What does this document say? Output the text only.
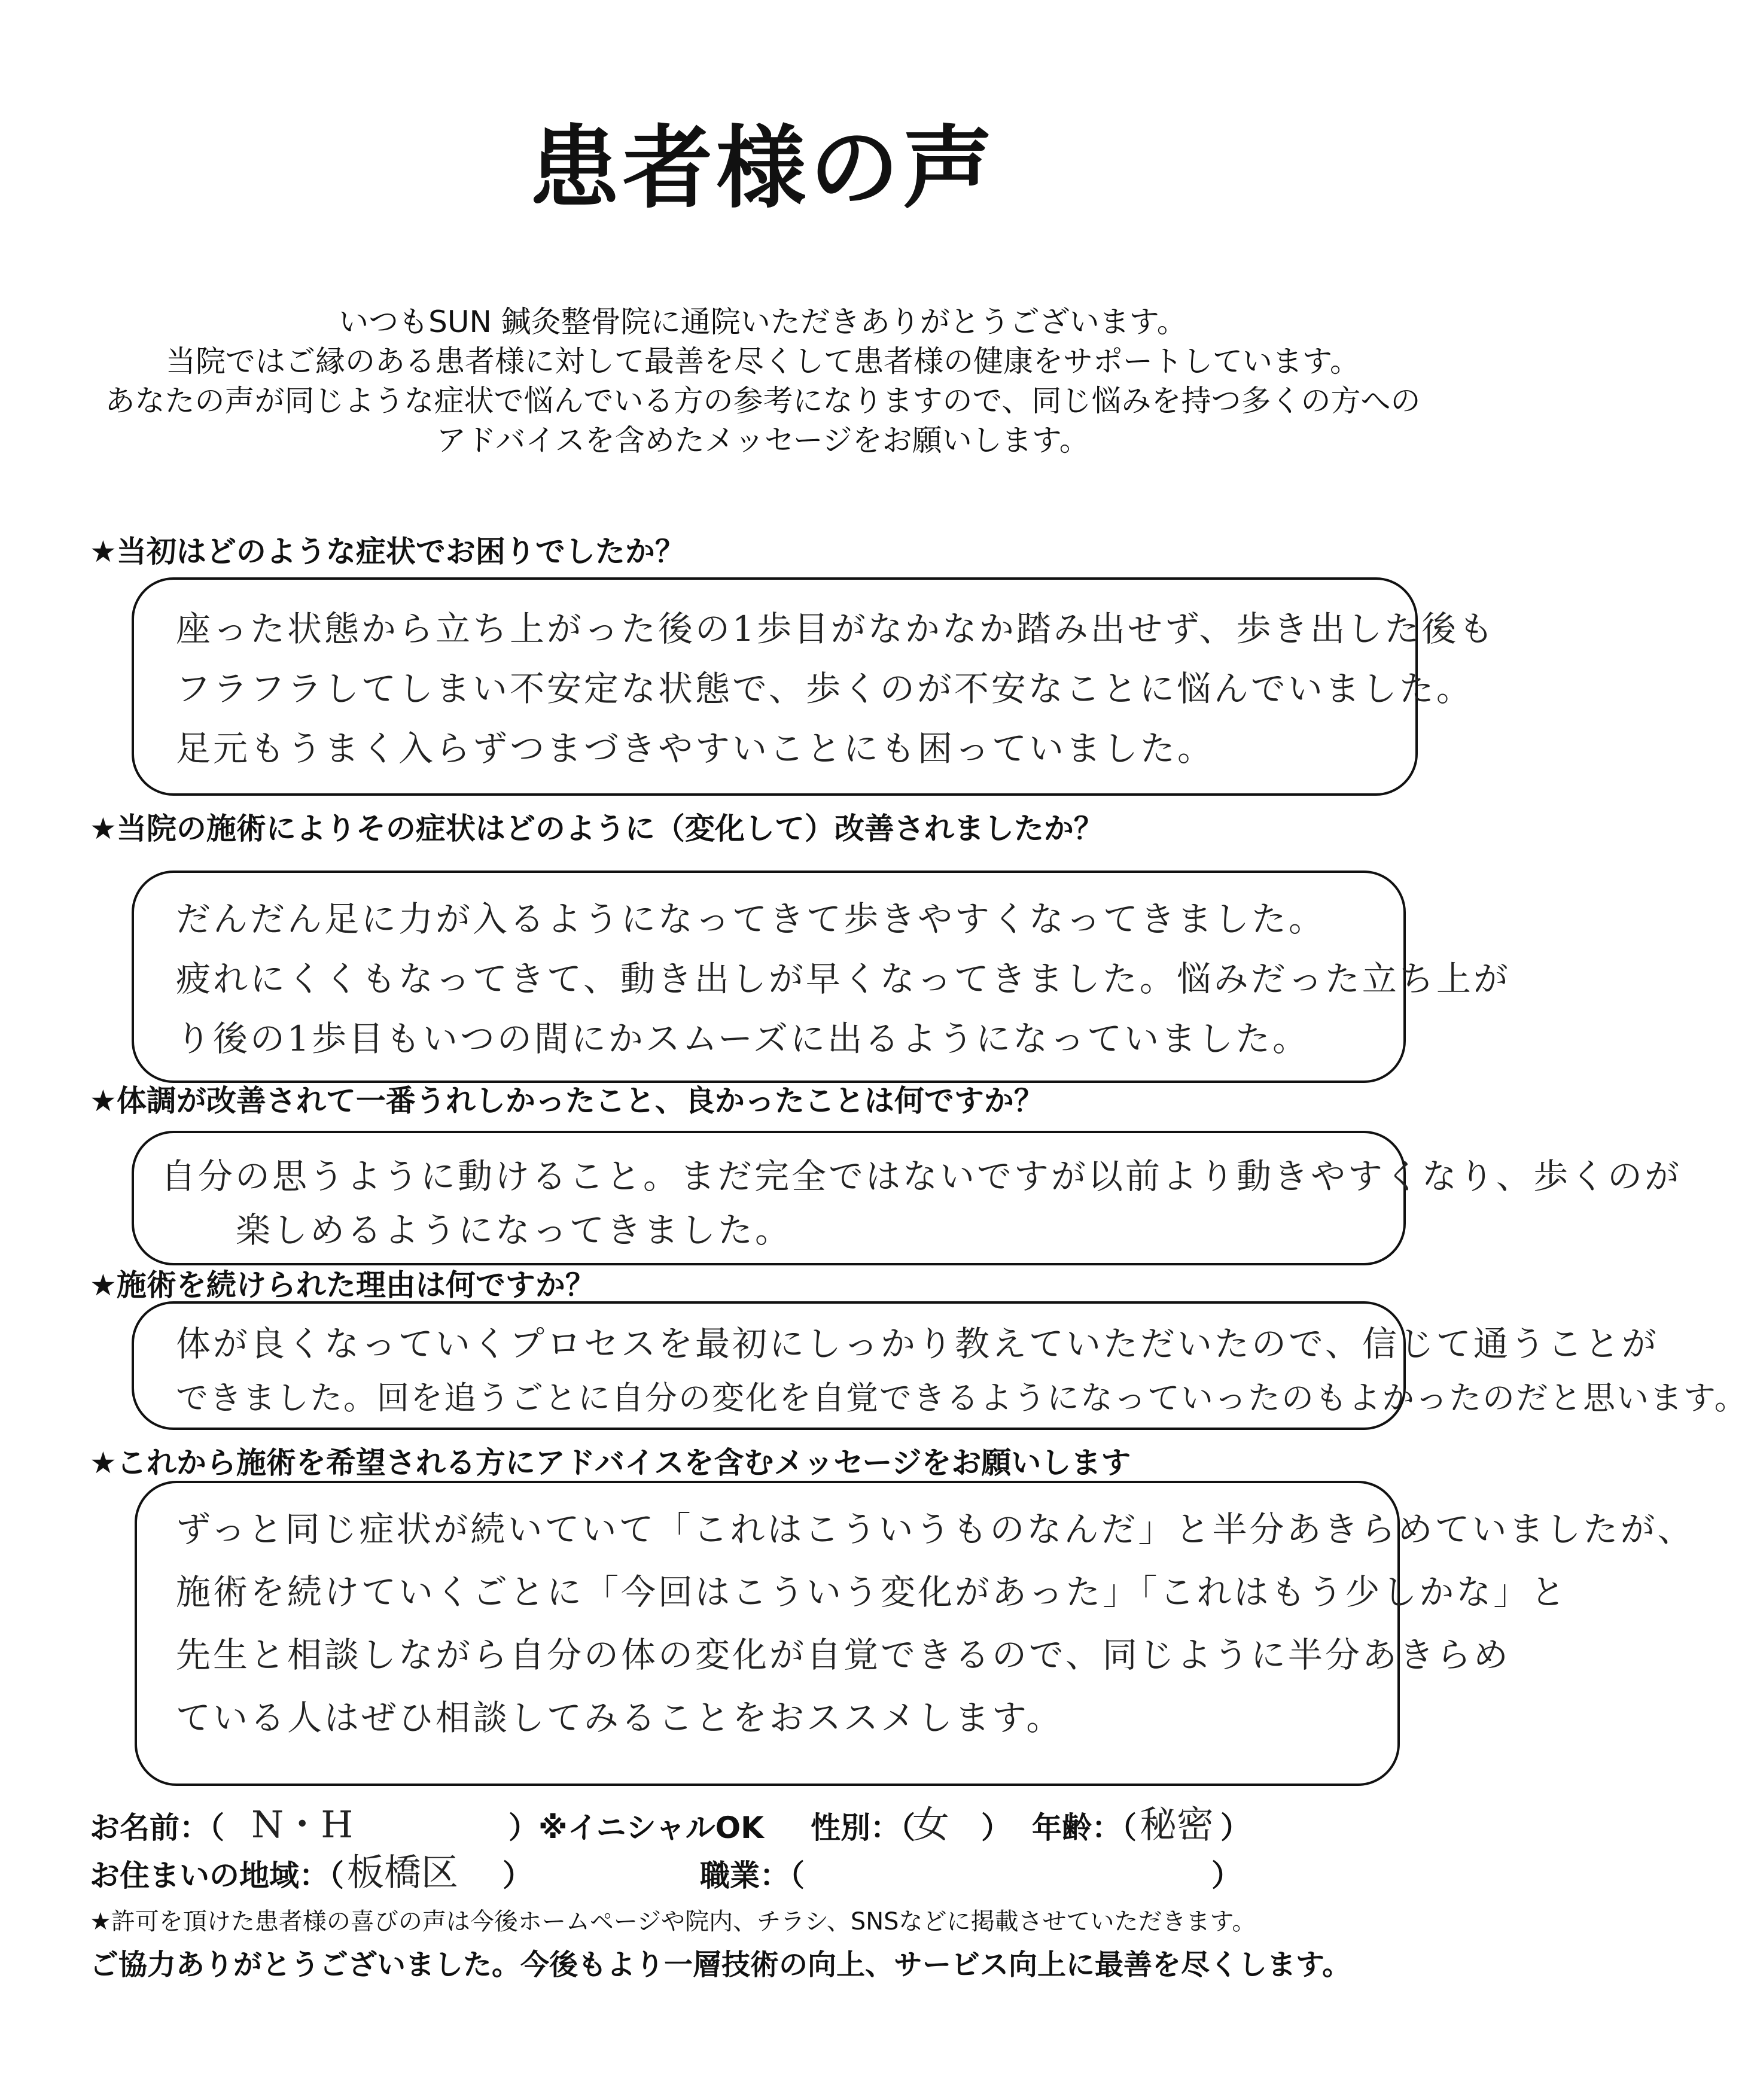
患者様の声
いつもSUN 鍼灸整骨院に通院いただきありがとうございます。
当院ではご縁のある患者様に対して最善を尽くして患者様の健康をサポートしています。
あなたの声が同じような症状で悩んでいる方の参考になりますので、同じ悩みを持つ多くの方への
アドバイスを含めたメッセージをお願いします。
★当初はどのような症状でお困りでしたか？
座った状態から立ち上がった後の1歩目がなかなか踏み出せず、歩き出した後も
フラフラしてしまい不安定な状態で、歩くのが不安なことに悩んでいました。
足元もうまく入らずつまづきやすいことにも困っていました。
★当院の施術によりその症状はどのように（変化して）改善されましたか？
だんだん足に力が入るようになってきて歩きやすくなってきました。
疲れにくくもなってきて、動き出しが早くなってきました。悩みだった立ち上が
り後の1歩目もいつの間にかスムーズに出るようになっていました。
★体調が改善されて一番うれしかったこと、良かったことは何ですか？
自分の思うように動けること。まだ完全ではないですが以前より動きやすくなり、歩くのが
楽しめるようになってきました。
★施術を続けられた理由は何ですか？
体が良くなっていくプロセスを最初にしっかり教えていただいたので、信じて通うことが
できました。回を追うごとに自分の変化を自覚できるようになっていったのもよかったのだと思います。
★これから施術を希望される方にアドバイスを含むメッセージをお願いします
ずっと同じ症状が続いていて「これはこういうものなんだ」と半分あきらめていましたが、
施術を続けていくごとに「今回はこういう変化があった」「これはもう少しかな」と
先生と相談しながら自分の体の変化が自覚できるので、同じように半分あきらめ
ている人はぜひ相談してみることをおススメします。
お名前：（ N・H	）※イニシャルOK 性別：（
女 ） 年齢：（ 秘密 ）
お住まいの地域：（ 板橋区 ）	職業：（	）
★許可を頂けた患者様の喜びの声は今後ホームページや院内、チラシ、SNSなどに掲載させていただきます。
ご協力ありがとうございました。今後もより一層技術の向上、サービス向上に最善を尽くします。
